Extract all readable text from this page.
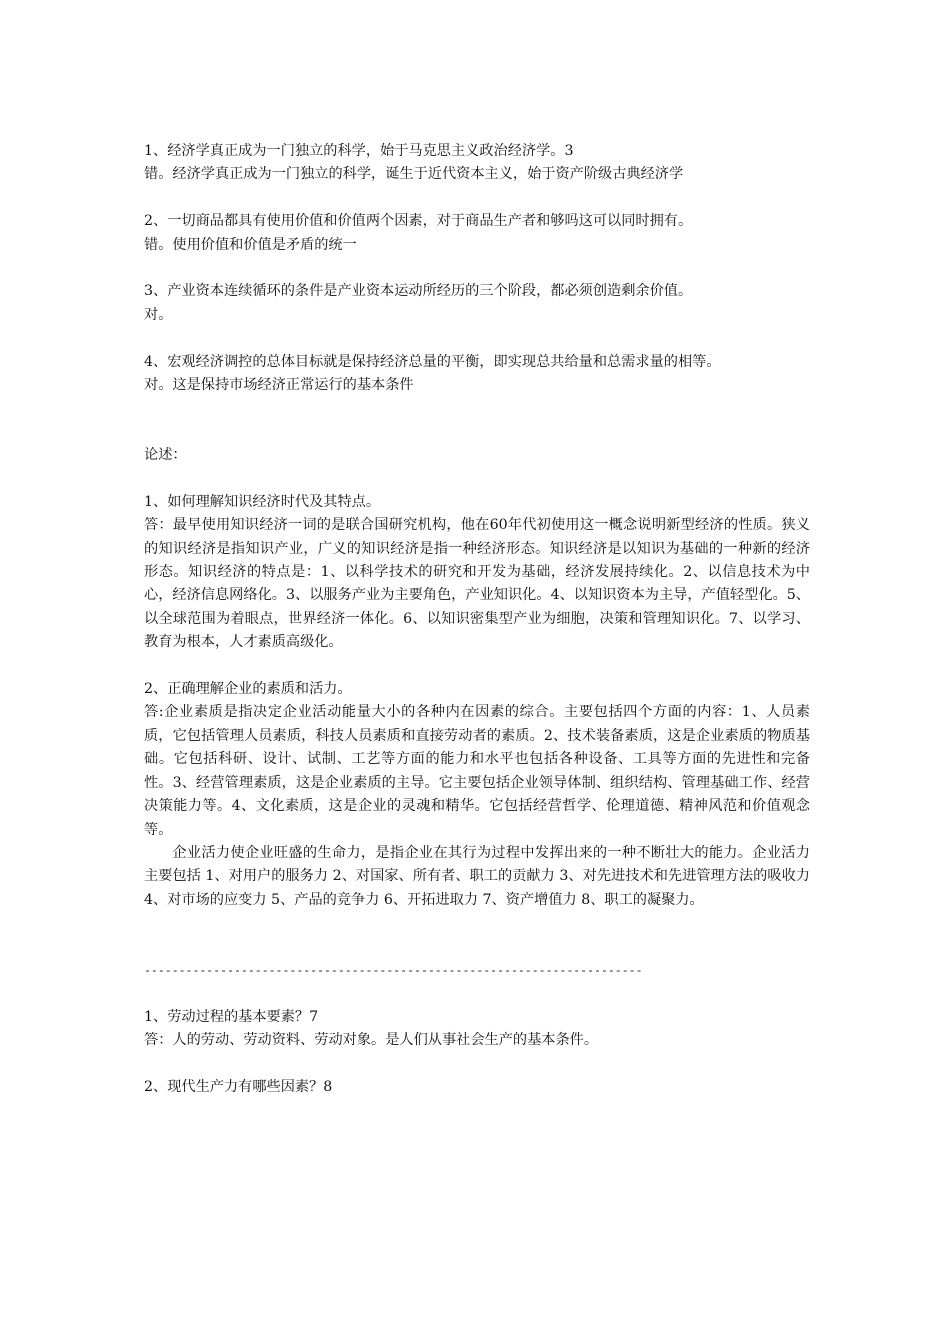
1、经济学真正成为一门独立的科学，始于马克思主义政治经济学。3
错。经济学真正成为一门独立的科学，诞生于近代资本主义，始于资产阶级古典经济学
2、一切商品都具有使用价值和价值两个因素，对于商品生产者和够吗这可以同时拥有。
错。使用价值和价值是矛盾的统一
3、产业资本连续循环的条件是产业资本运动所经历的三个阶段，都必须创造剩余价值。
对。
4、宏观经济调控的总体目标就是保持经济总量的平衡，即实现总共给量和总需求量的相等。
对。这是保持市场经济正常运行的基本条件
论述：
1、如何理解知识经济时代及其特点。
答：最早使用知识经济一词的是联合国研究机构，他在60年代初使用这一概念说明新型经济的性质。狭义的知识经济是指知识产业，广义的知识经济是指一种经济形态。知识经济是以知识为基础的一种新的经济形态。知识经济的特点是：1、以科学技术的研究和开发为基础，经济发展持续化。2、以信息技术为中心，经济信息网络化。3、以服务产业为主要角色，产业知识化。4、以知识资本为主导，产值轻型化。5、以全球范围为着眼点，世界经济一体化。6、以知识密集型产业为细胞，决策和管理知识化。7、以学习、教育为根本，人才素质高级化。
2、正确理解企业的素质和活力。
答:企业素质是指决定企业活动能量大小的各种内在因素的综合。主要包括四个方面的内容：1、人员素质，它包括管理人员素质，科技人员素质和直接劳动者的素质。2、技术装备素质，这是企业素质的物质基础。它包括科研、设计、试制、工艺等方面的能力和水平也包括各种设备、工具等方面的先进性和完备性。3、经营管理素质，这是企业素质的主导。它主要包括企业领导体制、组织结构、管理基础工作、经营决策能力等。4、文化素质，这是企业的灵魂和精华。它包括经营哲学、伦理道德、精神风范和价值观念等。
企业活力使企业旺盛的生命力，是指企业在其行为过程中发挥出来的一种不断壮大的能力。企业活力主要包括 1、对用户的服务力 2、对国家、所有者、职工的贡献力 3、对先进技术和先进管理方法的吸收力 4、对市场的应变力 5、产品的竞争力 6、开拓进取力 7、资产增值力 8、职工的凝聚力。
------------------------------------------------------------------------
1、劳动过程的基本要素？7
答：人的劳动、劳动资料、劳动对象。是人们从事社会生产的基本条件。
2、现代生产力有哪些因素？8
